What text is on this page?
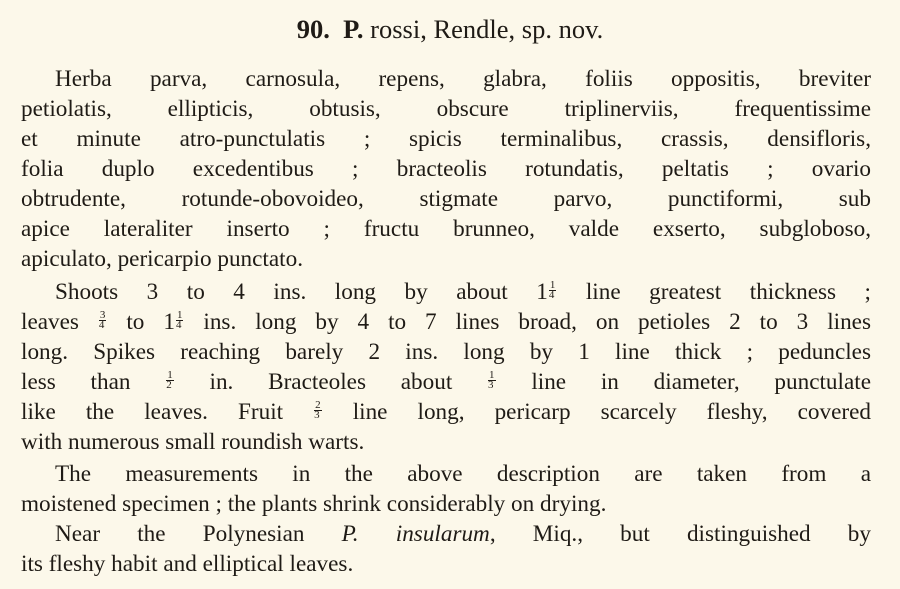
90. P. rossi, Rendle, sp. nov.
Herba parva, carnosula, repens, glabra, foliis oppositis, breviter
petiolatis, ellipticis, obtusis, obscure triplinerviis, frequentissime
et minute atro-punctulatis ; spicis terminalibus, crassis, densifloris,
folia duplo excedentibus ; bracteolis rotundatis, peltatis ; ovario
obtrudente, rotunde-obovoideo, stigmate parvo, punctiformi, sub
apice lateraliter inserto ; fructu brunneo, valde exserto, subgloboso,
apiculato, pericarpio punctato.
Shoots 3 to 4 ins. long by about $1 \frac{1}{4}$ line greatest thickness ;
leaves $\frac{3}{4}$ to $1 \frac{1}{4}$ ins. long by 4 to 7 lines broad, on petioles 2 to 3 lines
long. Spikes reaching barely 2 ins. long by 1 line thick ; peduncles
less than $\frac{1}{2}$ in. Bracteoles about $\frac{1}{3}$ line in diameter, punctulate
like the leaves. Fruit $\frac{2}{3}$ line long, pericarp scarcely fleshy, covered
with numerous small roundish warts.
The measurements in the above description are taken from a
moistened specimen ; the plants shrink considerably on drying.
Near the Polynesian P. insularum, Miq., but distinguished by
its fleshy habit and elliptical leaves.
